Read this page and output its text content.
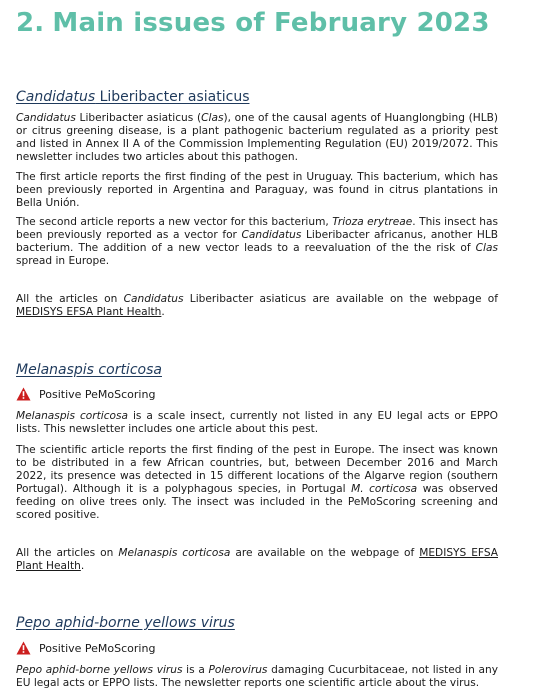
2. Main issues of February 2023
Candidatus Liberibacter asiaticus

Candidatus Liberibacter asiaticus (Clas), one of the causal agents of Huanglongbing (HLB) or citrus greening disease, is a plant pathogenic bacterium regulated as a priority pest and listed in Annex II A of the Commission Implementing Regulation (EU) 2019/2072. This newsletter includes two articles about this pathogen.

The first article reports the first finding of the pest in Uruguay. This bacterium, which has been previously reported in Argentina and Paraguay, was found in citrus plantations in Bella Unión.

The second article reports a new vector for this bacterium, Trioza erytreae. This insect has been previously reported as a vector for Candidatus Liberibacter africanus, another HLB bacterium. The addition of a new vector leads to a reevaluation of the the risk of Clas spread in Europe.

All the articles on Candidatus Liberibacter asiaticus are available on the webpage of MEDISYS EFSA Plant Health.

Melanaspis corticosa
Positive PeMoScoring

Melanaspis corticosa is a scale insect, currently not listed in any EU legal acts or EPPO lists. This newsletter includes one article about this pest.

The scientific article reports the first finding of the pest in Europe. The insect was known to be distributed in a few African countries, but, between December 2016 and March 2022, its presence was detected in 15 different locations of the Algarve region (southern Portugal). Although it is a polyphagous species, in Portugal M. corticosa was observed feeding on olive trees only. The insect was included in the PeMoScoring screening and scored positive.

All the articles on Melanaspis corticosa are available on the webpage of MEDISYS EFSA Plant Health.

Pepo aphid-borne yellows virus
Positive PeMoScoring

Pepo aphid-borne yellows virus is a Polerovirus damaging Cucurbitaceae, not listed in any EU legal acts or EPPO lists. The newsletter reports one scientific article about the virus.
